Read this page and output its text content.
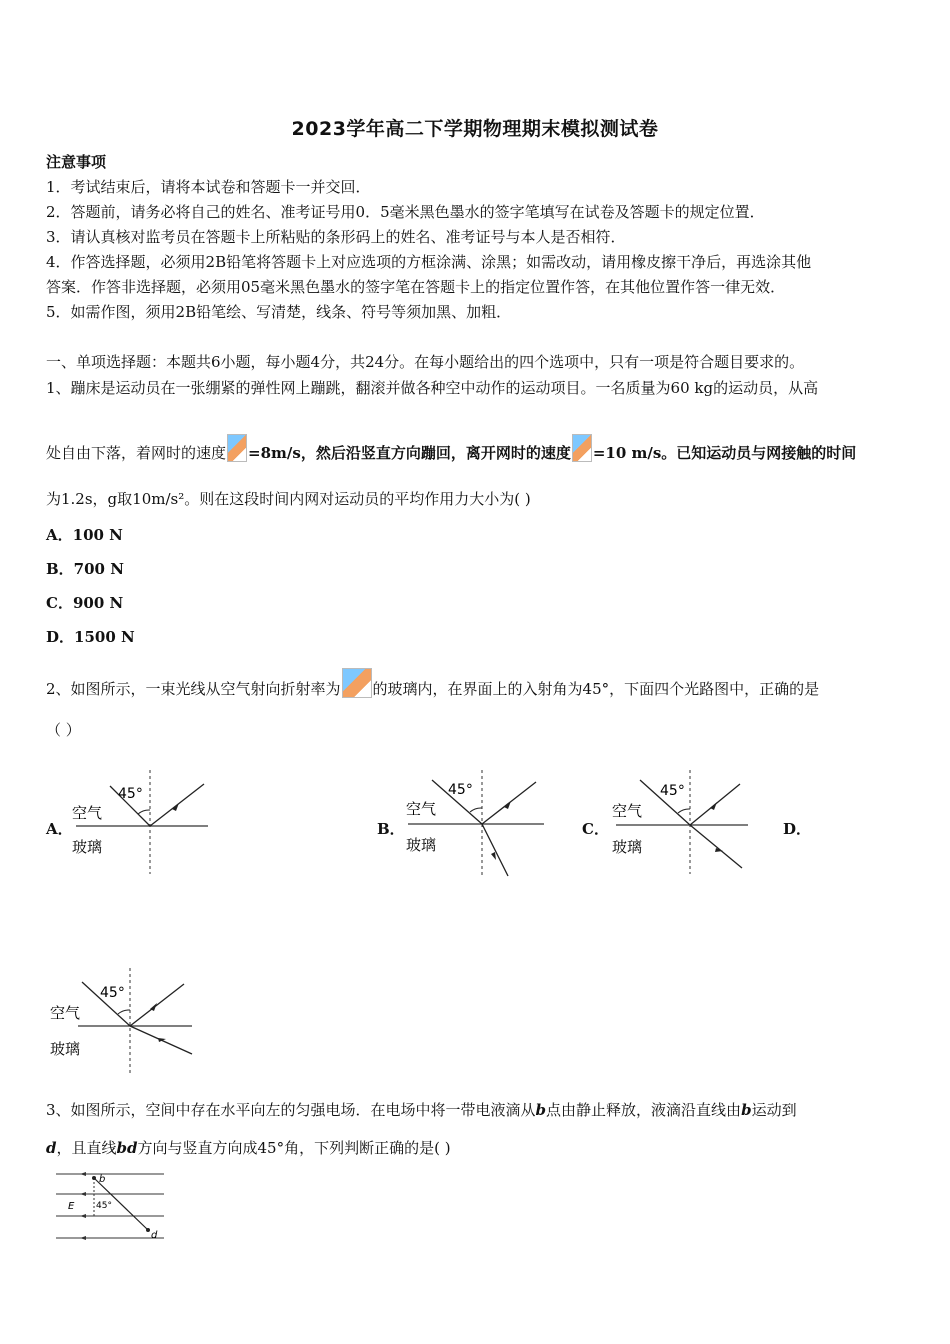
2023学年高二下学期物理期末模拟测试卷
注意事项
1．考试结束后，请将本试卷和答题卡一并交回．
2．答题前，请务必将自己的姓名、准考证号用0．5毫米黑色墨水的签字笔填写在试卷及答题卡的规定位置．
3．请认真核对监考员在答题卡上所粘贴的条形码上的姓名、准考证号与本人是否相符．
4．作答选择题，必须用2B铅笔将答题卡上对应选项的方框涂满、涂黑；如需改动，请用橡皮擦干净后，再选涂其他
答案．作答非选择题，必须用05毫米黑色墨水的签字笔在答题卡上的指定位置作答，在其他位置作答一律无效．
5．如需作图，须用2B铅笔绘、写清楚，线条、符号等须加黑、加粗．
一、单项选择题：本题共6小题，每小题4分，共24分。在每小题给出的四个选项中，只有一项是符合题目要求的。
1、蹦床是运动员在一张绷紧的弹性网上蹦跳，翻滚并做各种空中动作的运动项目。一名质量为60 kg的运动员，从高
处自由下落，着网时的速度 =8m/s，然后沿竖直方向蹦回，离开网时的速度 =10 m/s。已知运动员与网接触的时间
为1.2s，g取10m/s²。则在这段时间内网对运动员的平均作用力大小为( )
A．100 N
B．700 N
C．900 N
D．1500 N
2、如图所示，一束光线从空气射向折射率为 的玻璃内，在界面上的入射角为45°，下面四个光路图中，正确的是
（ ）
A．	B．	C．	D．
45°
空气
玻璃
45°
空气
玻璃
45°
空气
玻璃
45°
空气
玻璃
3、如图所示，空间中存在水平向左的匀强电场．在电场中将一带电液滴从b点由静止释放，液滴沿直线由b运动到
d，且直线bd方向与竖直方向成45°角，下列判断正确的是( )
b
d
E 45°
